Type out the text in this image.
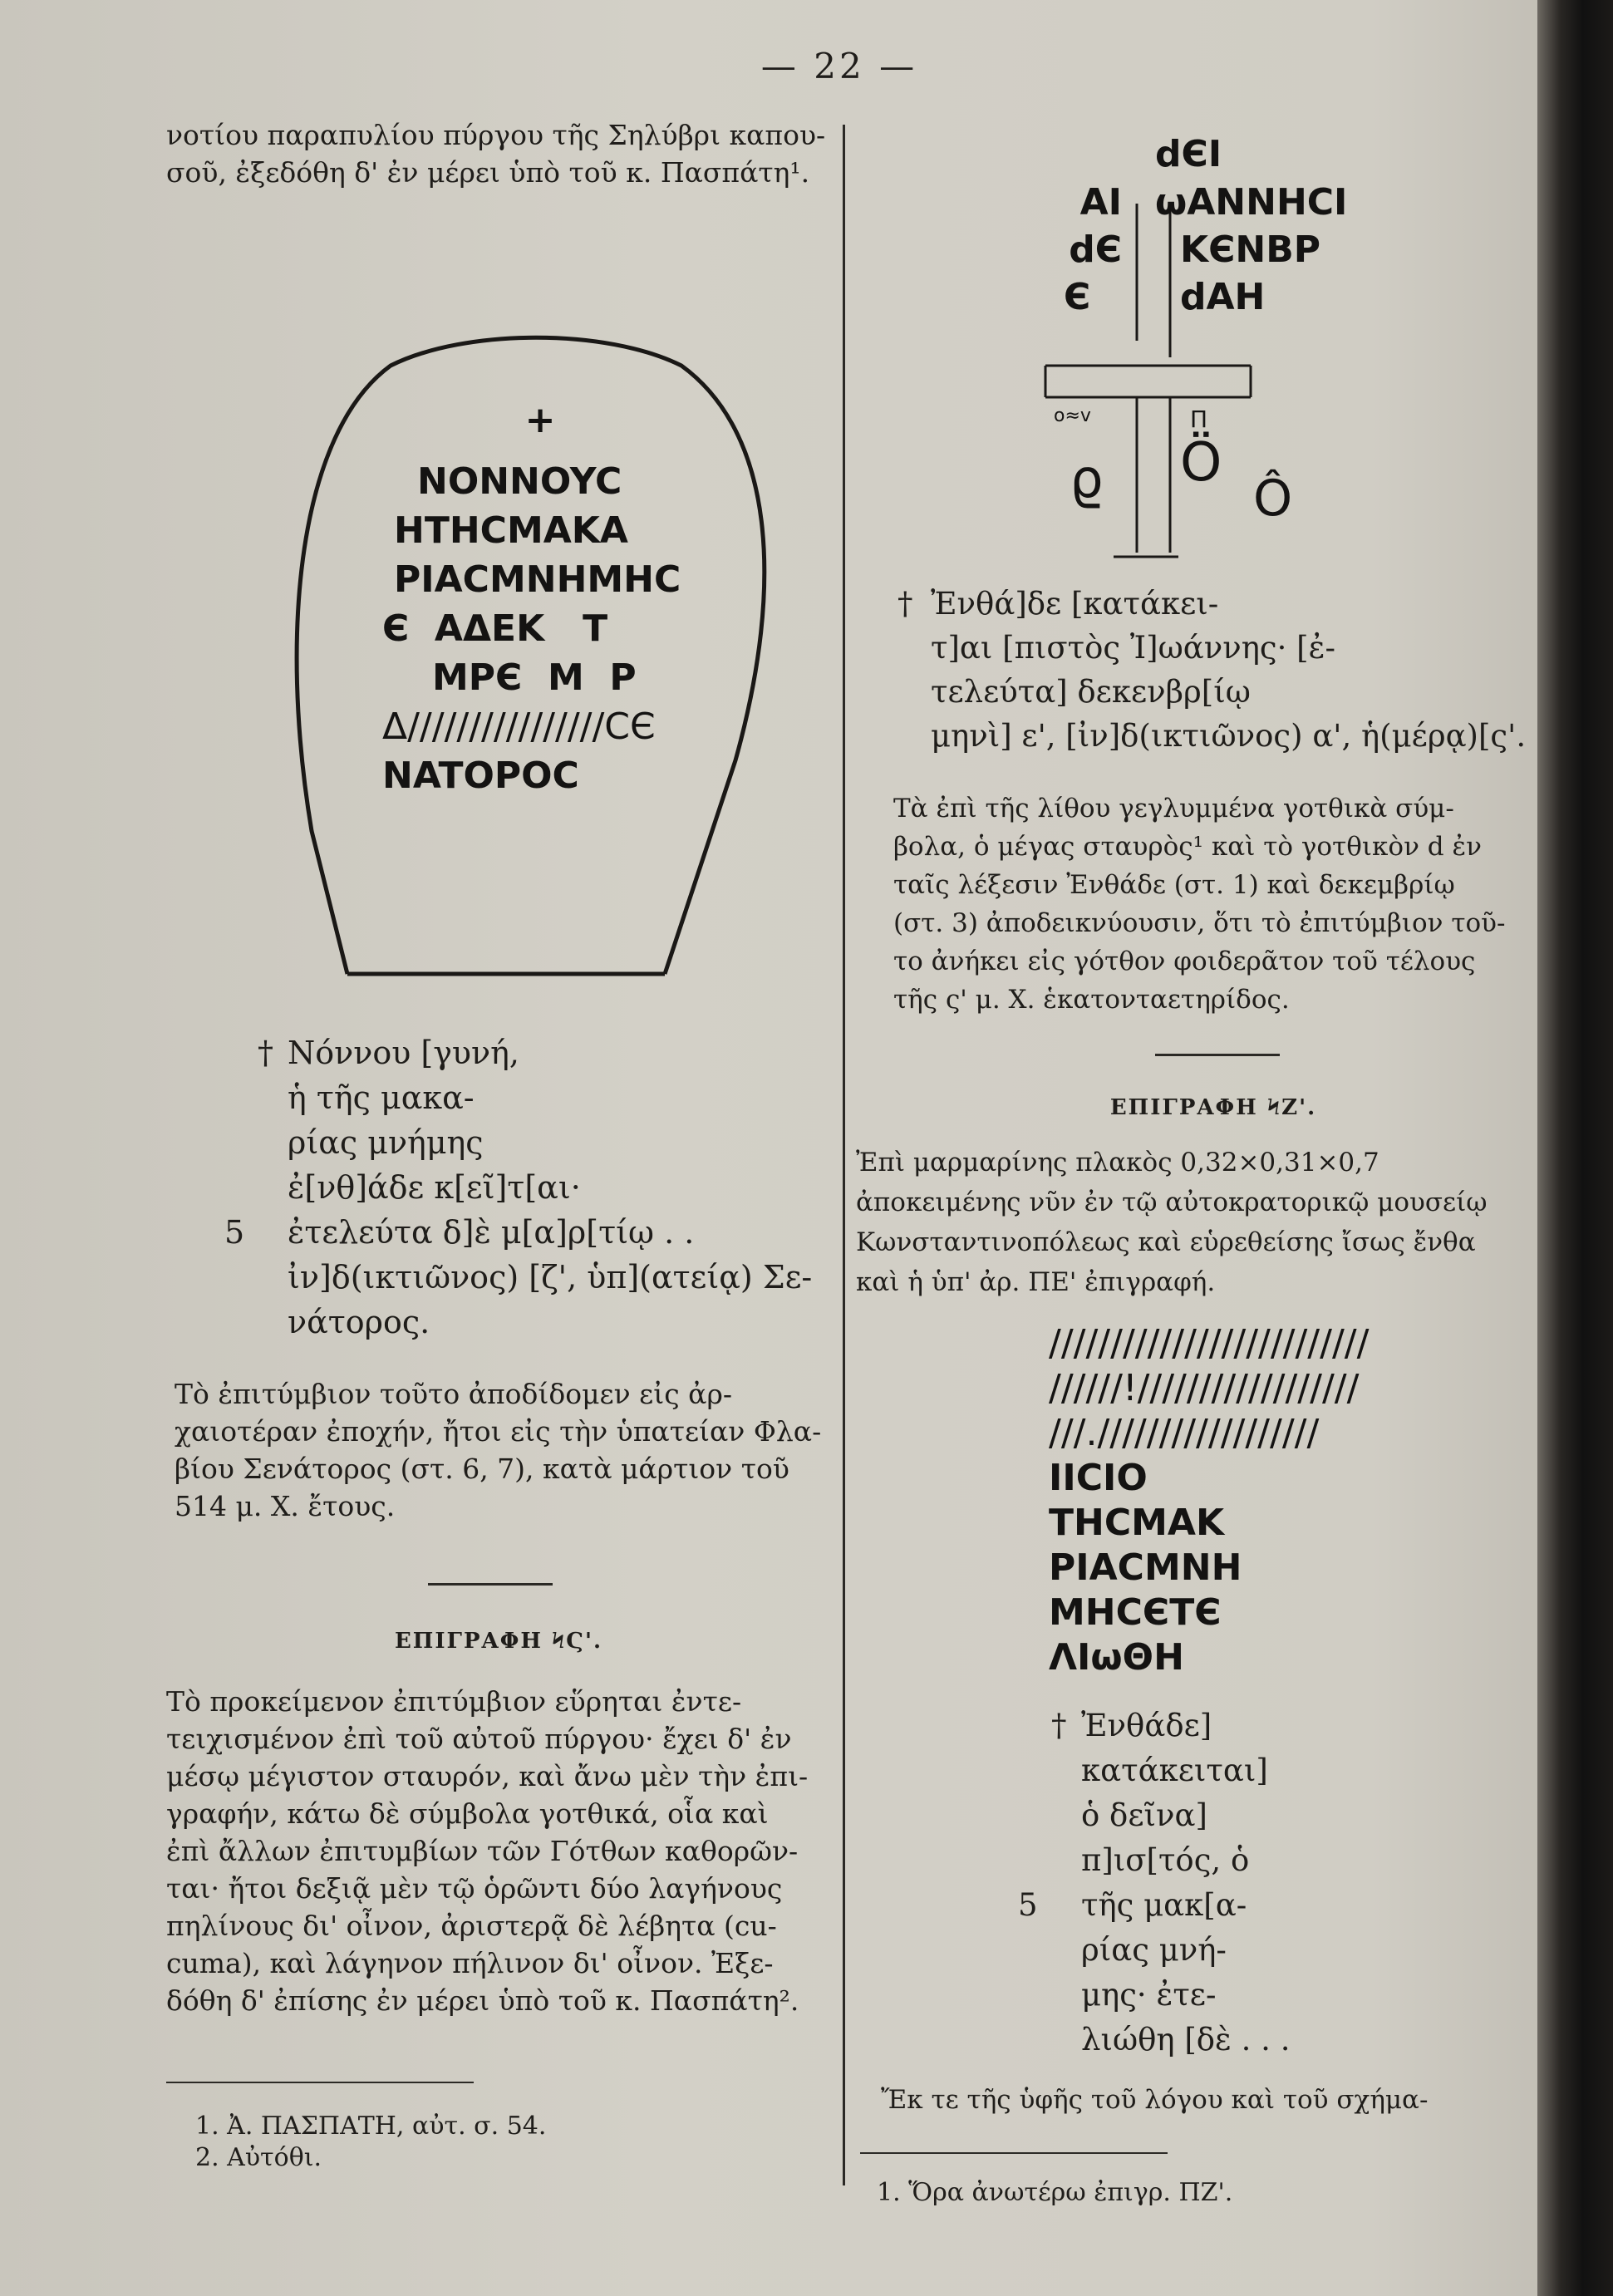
— 22 —
νοτίου παραπυλίου πύργου τῆς Σηλύβρι καπου-
σοῦ, ἐξεδόθη δ' ἐν μέρει ὑπὸ τοῦ κ. Πασπάτη¹.
+
NONNOYC
HTHCMAKA
PIACMNHMHC
Є  ΑΔΕΚ   T
MPЄ  M  P
Δ////////////////CЄ
NATOPOC
† Νόννου [γυνή,
ἡ τῆς μακα-
ρίας μνήμης
ἐ[νθ]άδε κ[εῖ]τ[αι·
5 ἐτελεύτα δ]ὲ μ[α]ρ[τίῳ . .
ἰν]δ(ικτιῶνος) [ζ', ὑπ](ατείᾳ) Σε-
νάτορος.
Τὸ ἐπιτύμβιον τοῦτο ἀποδίδομεν εἰς ἀρ-
χαιοτέραν ἐποχήν, ἤτοι εἰς τὴν ὑπατείαν Φλα-
βίου Σενάτορος (στ. 6, 7), κατὰ μάρτιον τοῦ
514 μ. Χ. ἔτους.
ΕΠΙΓΡΑΦΗ ϞϚ'.
Τὸ προκείμενον ἐπιτύμβιον εὕρηται ἐντε-
τειχισμένον ἐπὶ τοῦ αὐτοῦ πύργου· ἔχει δ' ἐν
μέσῳ μέγιστον σταυρόν, καὶ ἄνω μὲν τὴν ἐπι-
γραφήν, κάτω δὲ σύμβολα γοτθικά, οἷα καὶ
ἐπὶ ἄλλων ἐπιτυμβίων τῶν Γότθων καθορῶν-
ται· ἤτοι δεξιᾷ μὲν τῷ ὁρῶντι δύο λαγήνους
πηλίνους δι' οἶνον, ἀριστερᾷ δὲ λέβητα (cu-
cuma), καὶ λάγηνον πήλινον δι' οἶνον. Ἐξε-
δόθη δ' ἐπίσης ἐν μέρει ὑπὸ τοῦ κ. Πασπάτη².
1. Ἀ. ΠΑΣΠΑΤΗ, αὐτ. σ. 54.
2. Αὐτόθι.
dЄI
AI
dЄ
Є
ωANNHCI
KЄNBP
dAH
o≈v	Π
ϱ Ö
Ô
† Ἐνθά]δε [κατάκει-
τ]αι [πιστὸς Ἰ]ωάννης· [ἐ-
τελεύτα] δεκενβρ[ίῳ
μηνὶ] ε', [ἰν]δ(ικτιῶνος) α', ἡ(μέρᾳ)[ς'.
Τὰ ἐπὶ τῆς λίθου γεγλυμμένα γοτθικὰ σύμ-
βολα, ὁ μέγας σταυρὸς¹ καὶ τὸ γοτθικὸν d ἐν
ταῖς λέξεσιν Ἐνθάδε (στ. 1) καὶ δεκεμβρίῳ
(στ. 3) ἀποδεικνύουσιν, ὅτι τὸ ἐπιτύμβιον τοῦ-
το ἀνήκει εἰς γότθον φοιδερᾶτον τοῦ τέλους
τῆς ς' μ. Χ. ἑκατονταετηρίδος.
ΕΠΙΓΡΑΦΗ ϞΖ'.
Ἐπὶ μαρμαρίνης πλακὸς 0,32×0,31×0,7
ἀποκειμένης νῦν ἐν τῷ αὐτοκρατορικῷ μουσείῳ
Κωνσταντινοπόλεως καὶ εὑρεθείσης ἴσως ἔνθα
καὶ ἡ ὑπ' ἀρ. ΠΕ' ἐπιγραφή.
//////////////////////////
//////!//////////////////
///.//////////////////
IICIO
THCMAK
PIACMNH
MHCЄTЄ
ΛIωΘH
† Ἐνθάδε]
κατάκειται]
ὁ δεῖνα]
π]ισ[τός, ὁ
5 τῆς μακ[α-
ρίας μνή-
μης· ἐτε-
λιώθη [δὲ . . .
Ἔκ τε τῆς ὑφῆς τοῦ λόγου καὶ τοῦ σχήμα-
1. Ὅρα ἀνωτέρω ἐπιγρ. ΠΖ'.
